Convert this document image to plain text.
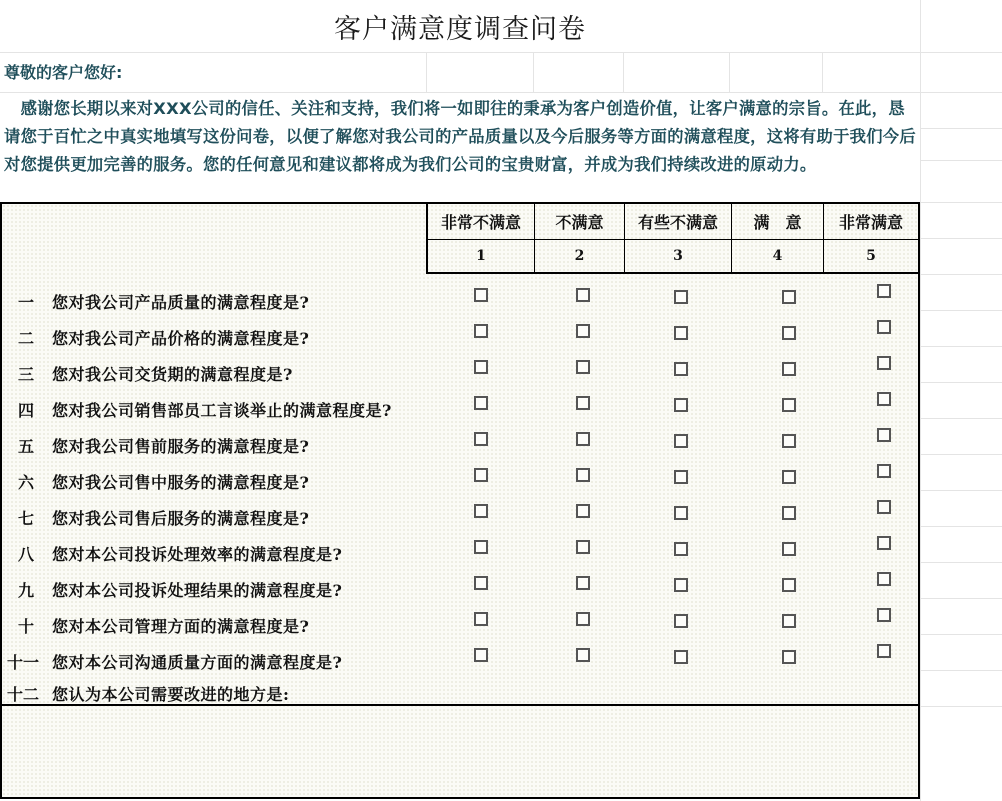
客户满意度调查问卷
尊敬的客户您好:
　感谢您长期以来对XXX公司的信任、关注和支持，我们将一如即往的秉承为客户创造价值，让客户满意的宗旨。在此，恳请您于百忙之中真实地填写这份问卷，以便了解您对我公司的产品质量以及今后服务等方面的满意程度，这将有助于我们今后对您提供更加完善的服务。您的任何意见和建议都将成为我们公司的宝贵财富，并成为我们持续改进的原动力。
非常不满意	不满意	有些不满意	满　意	非常满意
1	2	3	4	5
一	您对我公司产品质量的满意程度是?
二	您对我公司产品价格的满意程度是?
三	您对我公司交货期的满意程度是?
四	您对我公司销售部员工言谈举止的满意程度是?
五	您对我公司售前服务的满意程度是?
六	您对我公司售中服务的满意程度是?
七	您对我公司售后服务的满意程度是?
八	您对本公司投诉处理效率的满意程度是?
九	您对本公司投诉处理结果的满意程度是?
十	您对本公司管理方面的满意程度是?
十一 您对本公司沟通质量方面的满意程度是?
十二 您认为本公司需要改进的地方是:
